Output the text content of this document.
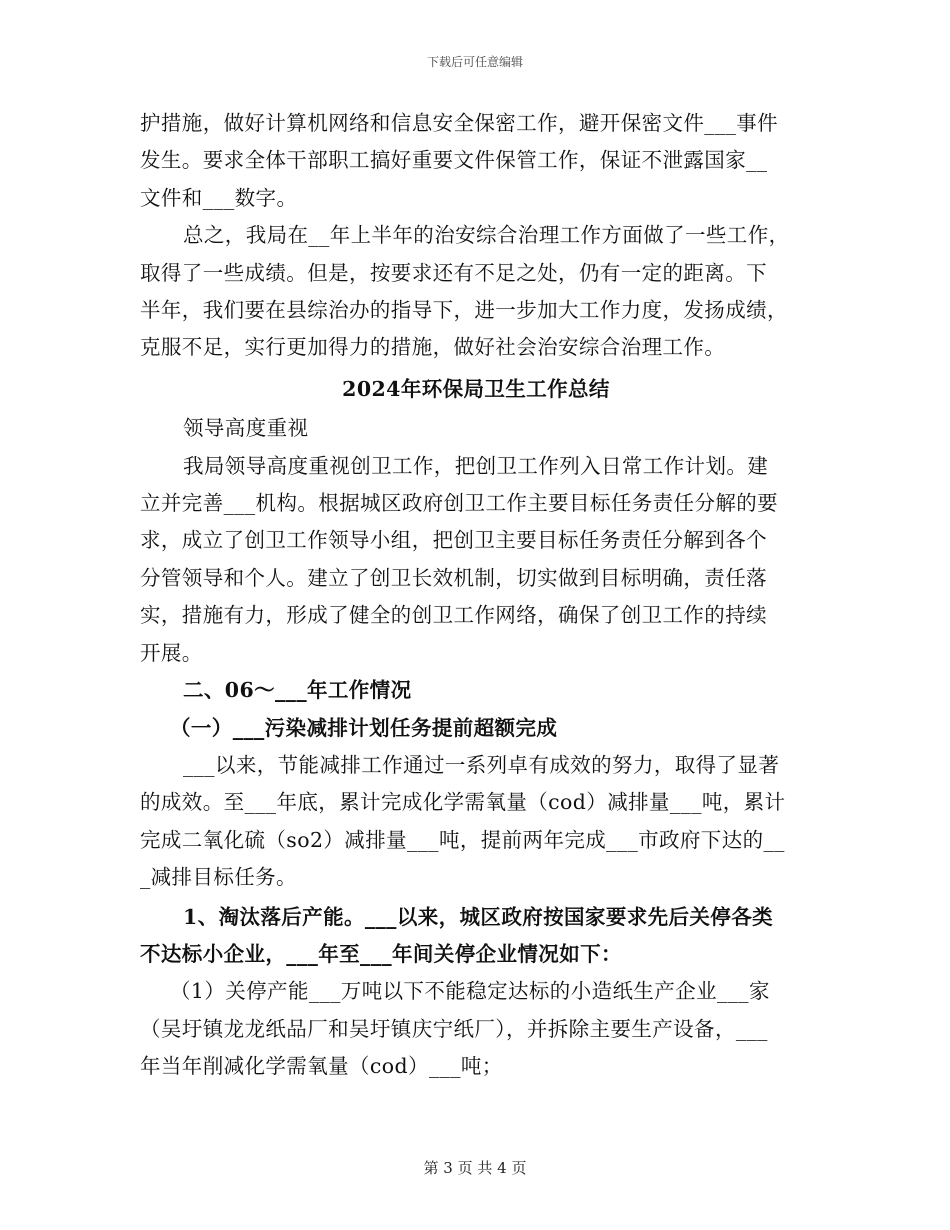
下载后可任意编辑
护措施，做好计算机网络和信息安全保密工作，避开保密文件___事件
发生。要求全体干部职工搞好重要文件保管工作，保证不泄露国家__
文件和___数字。
总之，我局在__年上半年的治安综合治理工作方面做了一些工作，
取得了一些成绩。但是，按要求还有不足之处，仍有一定的距离。下
半年，我们要在县综治办的指导下，进一步加大工作力度，发扬成绩，
克服不足，实行更加得力的措施，做好社会治安综合治理工作。
2024年环保局卫生工作总结
领导高度重视
我局领导高度重视创卫工作，把创卫工作列入日常工作计划。建
立并完善___机构。根据城区政府创卫工作主要目标任务责任分解的要
求，成立了创卫工作领导小组，把创卫主要目标任务责任分解到各个
分管领导和个人。建立了创卫长效机制，切实做到目标明确，责任落
实，措施有力，形成了健全的创卫工作网络，确保了创卫工作的持续
开展。
二、06～___年工作情况
（一）___污染减排计划任务提前超额完成
___以来，节能减排工作通过一系列卓有成效的努力，取得了显著
的成效。至___年底，累计完成化学需氧量（cod）减排量___吨，累计
完成二氧化硫（so2）减排量___吨，提前两年完成___市政府下达的__
_减排目标任务。
1、淘汰落后产能。___以来，城区政府按国家要求先后关停各类
不达标小企业，___年至___年间关停企业情况如下：
（1）关停产能___万吨以下不能稳定达标的小造纸生产企业___家
（吴圩镇龙龙纸品厂和吴圩镇庆宁纸厂），并拆除主要生产设备，___
年当年削减化学需氧量（cod）___吨；
第 3 页 共 4 页
